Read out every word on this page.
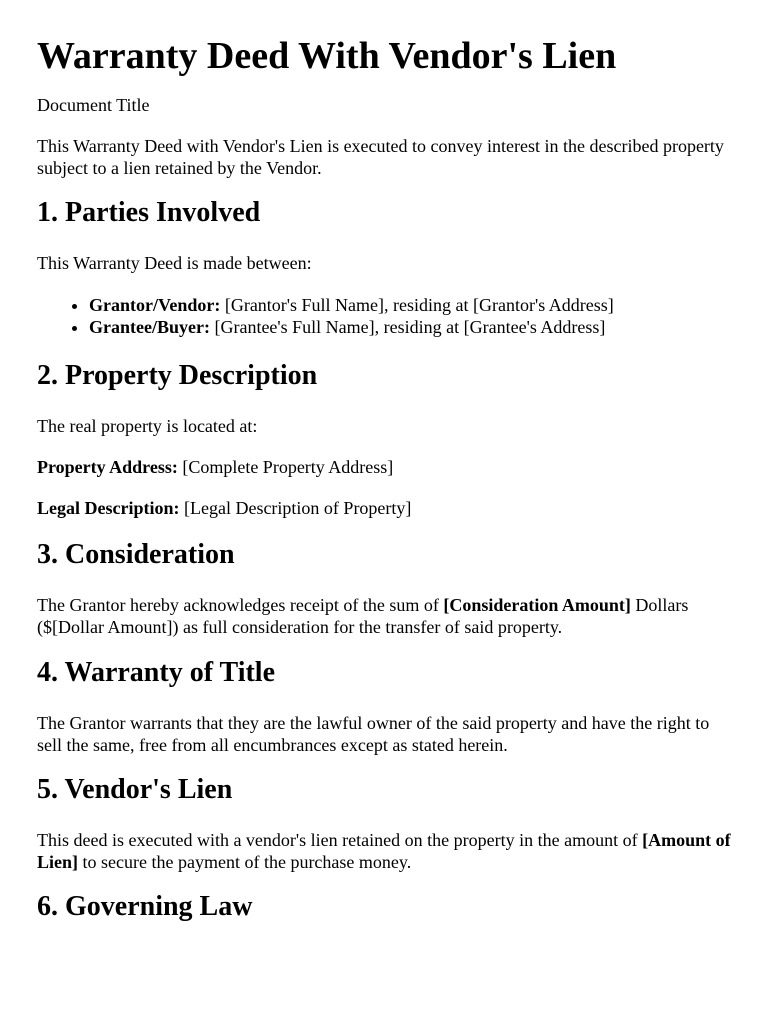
Warranty Deed With Vendor's Lien

Document Title

This Warranty Deed with Vendor's Lien is executed to convey interest in the described property subject to a lien retained by the Vendor.

1. Parties Involved

This Warranty Deed is made between:

• Grantor/Vendor: [Grantor's Full Name], residing at [Grantor's Address]
• Grantee/Buyer: [Grantee's Full Name], residing at [Grantee's Address]
2. Property Description

The real property is located at:

Property Address: [Complete Property Address]

Legal Description: [Legal Description of Property]

3. Consideration

The Grantor hereby acknowledges receipt of the sum of [Consideration Amount] Dollars ($[Dollar Amount]) as full consideration for the transfer of said property.

4. Warranty of Title

The Grantor warrants that they are the lawful owner of the said property and have the right to sell the same, free from all encumbrances except as stated herein.

5. Vendor's Lien

This deed is executed with a vendor's lien retained on the property in the amount of [Amount of Lien] to secure the payment of the purchase money.

6. Governing Law
